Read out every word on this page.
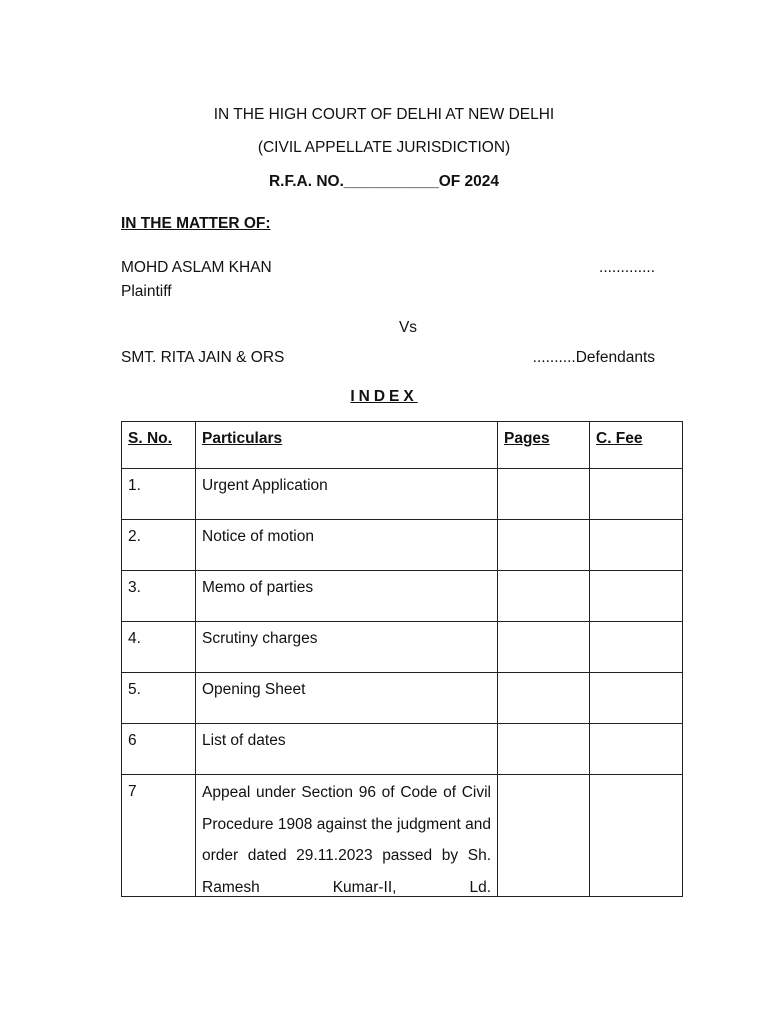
IN THE HIGH COURT OF DELHI AT NEW DELHI
(CIVIL APPELLATE JURISDICTION)
R.F.A. NO.___________OF 2024
IN THE MATTER OF:
MOHD ASLAM KHAN	.............
Plaintiff
Vs
SMT. RITA JAIN & ORS	..........Defendants
INDEX
S. No.	Particulars	Pages	C. Fee
1.	Urgent Application		
2.	Notice of motion		
3.	Memo of parties		
4.	Scrutiny charges		
5.	Opening Sheet		
6	List of dates		
7	Appeal under Section 96 of Code of Civil Procedure 1908 against the judgment and order dated 29.11.2023 passed by Sh. Ramesh Kumar-II, Ld.		
